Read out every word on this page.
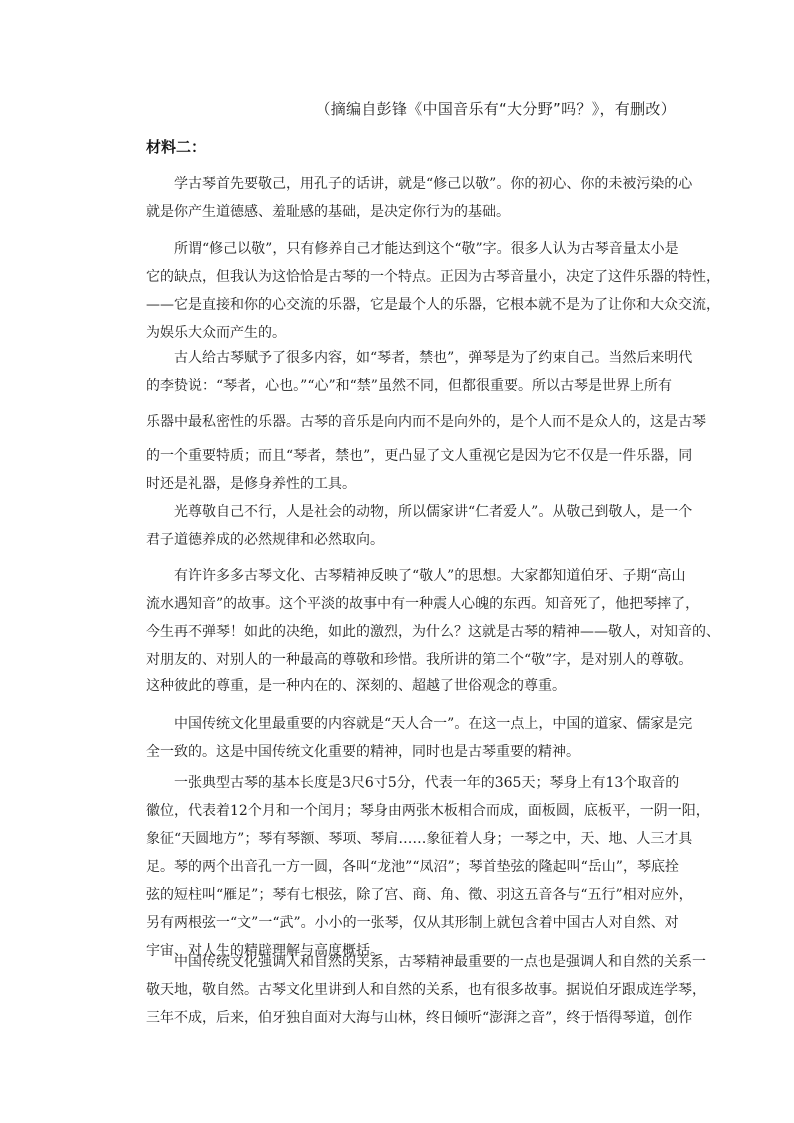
（摘编自彭锋《中国音乐有“大分野”吗？》，有删改）
材料二：

学古琴首先要敬己，用孔子的话讲，就是“修己以敬”。你的初心、你的未被污染的心

就是你产生道德感、羞耻感的基础，是决定你行为的基础。

所谓“修己以敬”，只有修养自己才能达到这个“敬”字。很多人认为古琴音量太小是

它的缺点，但我认为这恰恰是古琴的一个特点。正因为古琴音量小，决定了这件乐器的特性，

——它是直接和你的心交流的乐器，它是最个人的乐器，它根本就不是为了让你和大众交流，

为娱乐大众而产生的。

古人给古琴赋予了很多内容，如“琴者，禁也”，弹琴是为了约束自己。当然后来明代

的李贽说：“琴者，心也。”“心”和“禁”虽然不同，但都很重要。所以古琴是世界上所有

乐器中最私密性的乐器。古琴的音乐是向内而不是向外的，是个人而不是众人的，这是古琴

的一个重要特质；而且“琴者，禁也”，更凸显了文人重视它是因为它不仅是一件乐器，同

时还是礼器，是修身养性的工具。

光尊敬自己不行，人是社会的动物，所以儒家讲“仁者爱人”。从敬己到敬人，是一个

君子道德养成的必然规律和必然取向。

有许许多多古琴文化、古琴精神反映了“敬人”的思想。大家都知道伯牙、子期“高山

流水遇知音”的故事。这个平淡的故事中有一种震人心魄的东西。知音死了，他把琴摔了，

今生再不弹琴！如此的决绝，如此的激烈，为什么？这就是古琴的精神——敬人，对知音的、

对朋友的、对别人的一种最高的尊敬和珍惜。我所讲的第二个“敬”字，是对别人的尊敬。

这种彼此的尊重，是一种内在的、深刻的、超越了世俗观念的尊重。

中国传统文化里最重要的内容就是“天人合一”。在这一点上，中国的道家、儒家是完

全一致的。这是中国传统文化重要的精神，同时也是古琴重要的精神。

一张典型古琴的基本长度是3尺6寸5分，代表一年的365天；琴身上有13个取音的

徽位，代表着12个月和一个闰月；琴身由两张木板相合而成，面板圆，底板平，一阴一阳，

象征“天圆地方”；琴有琴额、琴项、琴肩……象征着人身；一琴之中，天、地、人三才具

足。琴的两个出音孔一方一圆，各叫“龙池”“凤沼”；琴首垫弦的隆起叫“岳山”，琴底拴

弦的短柱叫“雁足”；琴有七根弦，除了宫、商、角、徵、羽这五音各与“五行”相对应外，

另有两根弦一“文”一“武”。小小的一张琴，仅从其形制上就包含着中国古人对自然、对

宇宙、对人生的精辟理解与高度概括。

中国传统文化强调人和自然的关系，古琴精神最重要的一点也是强调人和自然的关系一

敬天地，敬自然。古琴文化里讲到人和自然的关系，也有很多故事。据说伯牙跟成连学琴，

三年不成，后来，伯牙独自面对大海与山林，终日倾听“澎湃之音”，终于悟得琴道，创作
